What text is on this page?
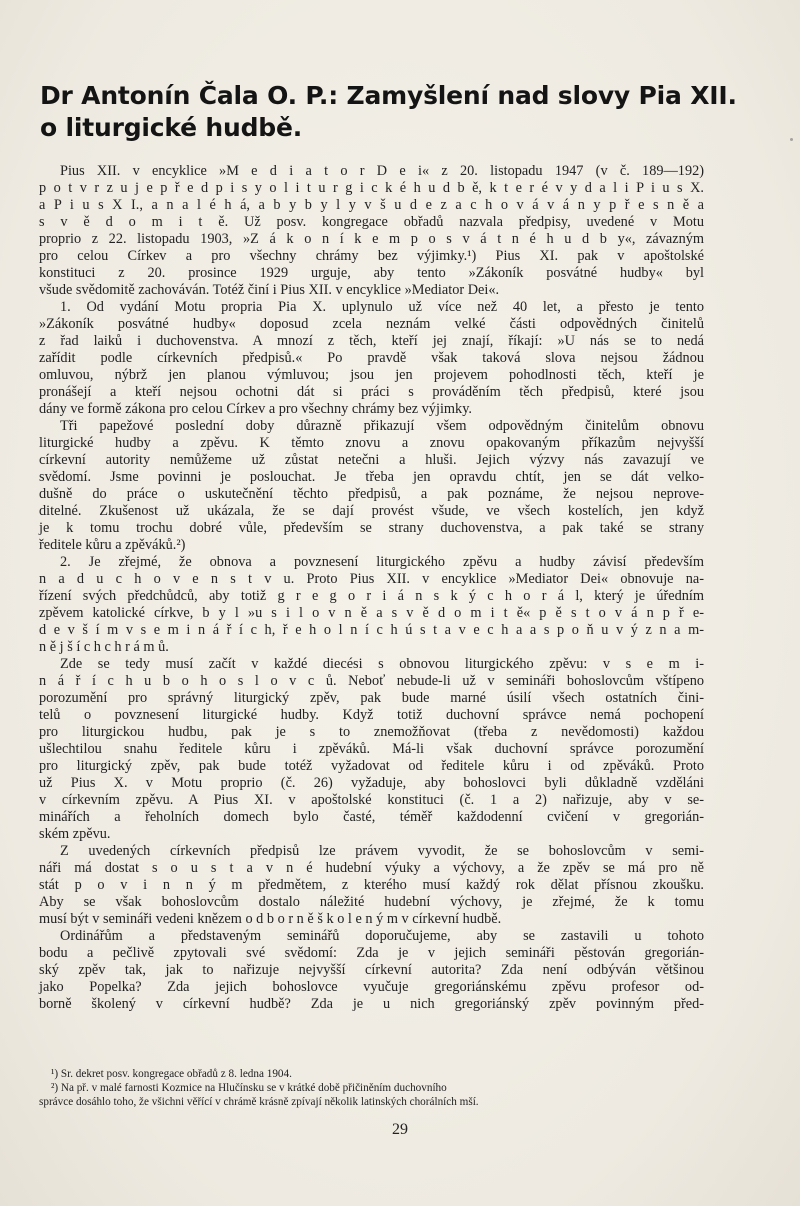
Dr Antonín Čala O. P.: Zamyšlení nad slovy Pia XII.
o liturgické hudbě.
Pius XII. v encyklice »M e d i a t o r D e i« z 20. listopadu 1947 (v č. 189—192)
p o t v r z u j e p ř e d p i s y o l i t u r g i c k é h u d b ě, k t e r é v y d a l i P i u s X.
a P i u s X I., a n a l é h á, a b y b y l y v š u d e z a c h o v á v á n y p ř e s n ě a
s v ě d o m i t ě. Už posv. kongregace obřadů nazvala předpisy, uvedené v Motu
proprio z 22. listopadu 1903, »Z á k o n í k e m p o s v á t n é h u d b y«, závazným
pro celou Církev a pro všechny chrámy bez výjimky.¹) Pius XI. pak v apoštolské
konstituci z 20. prosince 1929 urguje, aby tento »Zákoník posvátné hudby« byl
všude svědomitě zachováván. Totéž činí i Pius XII. v encyklice »Mediator Dei«.
1. Od vydání Motu propria Pia X. uplynulo už více než 40 let, a přesto je tento
»Zákoník posvátné hudby« doposud zcela neznám velké části odpovědných činitelů
z řad laiků i duchovenstva. A mnozí z těch, kteří jej znají, říkají: »U nás se to nedá
zařídit podle církevních předpisů.« Po pravdě však taková slova nejsou žádnou
omluvou, nýbrž jen planou výmluvou; jsou jen projevem pohodlnosti těch, kteří je
pronášejí a kteří nejsou ochotni dát si práci s prováděním těch předpisů, které jsou
dány ve formě zákona pro celou Církev a pro všechny chrámy bez výjimky.
Tři papežové poslední doby důrazně přikazují všem odpovědným činitelům obnovu
liturgické hudby a zpěvu. K těmto znovu a znovu opakovaným příkazům nejvyšší
církevní autority nemůžeme už zůstat netečni a hluši. Jejich výzvy nás zavazují ve
svědomí. Jsme povinni je poslouchat. Je třeba jen opravdu chtít, jen se dát velko-
dušně do práce o uskutečnění těchto předpisů, a pak poznáme, že nejsou neprove-
ditelné. Zkušenost už ukázala, že se dají provést všude, ve všech kostelích, jen když
je k tomu trochu dobré vůle, především se strany duchovenstva, a pak také se strany
ředitele kůru a zpěváků.²)
2. Je zřejmé, že obnova a povznesení liturgického zpěvu a hudby závisí především
n a d u c h o v e n s t v u. Proto Pius XII. v encyklice »Mediator Dei« obnovuje na-
řízení svých předchůdců, aby totiž g r e g o r i á n s k ý c h o r á l, který je úředním
zpěvem katolické církve, b y l »u s i l o v n ě a s v ě d o m i t ě« p ě s t o v á n p ř e-
d e v š í m v s e m i n á ř í c h, ř e h o l n í c h ú s t a v e c h a a s p o ň u v ý z n a m-
n ě j š í c h c h r á m ů.
Zde se tedy musí začít v každé diecési s obnovou liturgického zpěvu: v s e m i-
n á ř í c h u b o h o s l o v c ů. Neboť nebude-li už v semináři bohoslovcům vštípeno
porozumění pro správný liturgický zpěv, pak bude marné úsilí všech ostatních čini-
telů o povznesení liturgické hudby. Když totiž duchovní správce nemá pochopení
pro liturgickou hudbu, pak je s to znemožňovat (třeba z nevědomosti) každou
ušlechtilou snahu ředitele kůru i zpěváků. Má-li však duchovní správce porozumění
pro liturgický zpěv, pak bude totéž vyžadovat od ředitele kůru i od zpěváků. Proto
už Pius X. v Motu proprio (č. 26) vyžaduje, aby bohoslovci byli důkladně vzděláni
v církevním zpěvu. A Pius XI. v apoštolské konstituci (č. 1 a 2) nařizuje, aby v se-
minářích a řeholních domech bylo časté, téměř každodenní cvičení v gregorián-
ském zpěvu.
Z uvedených církevních předpisů lze právem vyvodit, že se bohoslovcům v semi-
náři má dostat s o u s t a v n é hudební výuky a výchovy, a že zpěv se má pro ně
stát p o v i n n ý m předmětem, z kterého musí každý rok dělat přísnou zkoušku.
Aby se však bohoslovcům dostalo náležité hudební výchovy, je zřejmé, že k tomu
musí být v semináři vedeni knězem o d b o r n ě š k o l e n ý m v církevní hudbě.
Ordinářům a představeným seminářů doporučujeme, aby se zastavili u tohoto
bodu a pečlivě zpytovali své svědomí: Zda je v jejich semináři pěstován gregorián-
ský zpěv tak, jak to nařizuje nejvyšší církevní autorita? Zda není odbýván většinou
jako Popelka? Zda jejich bohoslovce vyučuje gregoriánskému zpěvu profesor od-
borně školený v církevní hudbě? Zda je u nich gregoriánský zpěv povinným před-
¹) Sr. dekret posv. kongregace obřadů z 8. ledna 1904.
²) Na př. v malé farnosti Kozmice na Hlučínsku se v krátké době přičiněním duchovního
správce dosáhlo toho, že všichni věřící v chrámě krásně zpívají několik latinských chorálních mší.
29
